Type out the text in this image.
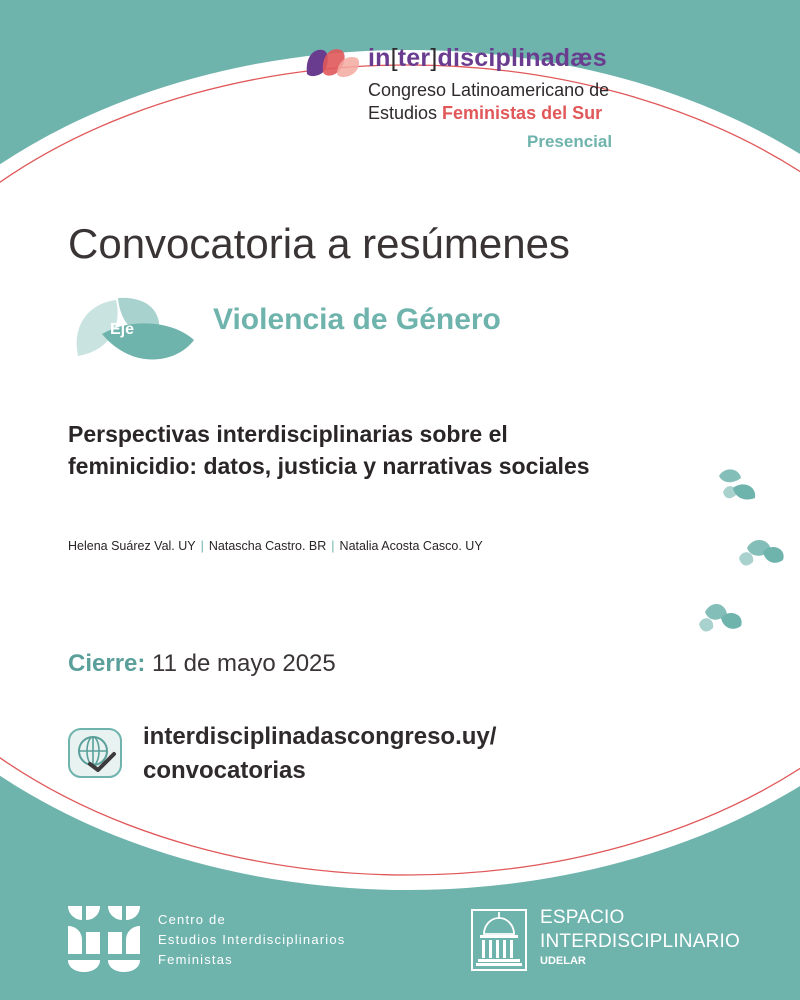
in[ter]disciplinadæs
Congreso Latinoamericano de
Estudios Feministas del Sur
Presencial
Convocatoria a resúmenes
Eje	Violencia de Género
Perspectivas interdisciplinarias sobre el
feminicidio: datos, justicia y narrativas sociales
Helena Suárez Val. UY | Natascha Castro. BR | Natalia Acosta Casco. UY
Cierre: 11 de mayo 2025
interdisciplinadascongreso.uy/
convocatorias
Centro de
Estudios Interdisciplinarios
Feministas
ESPACIO
INTERDISCIPLINARIO
UDELAR
